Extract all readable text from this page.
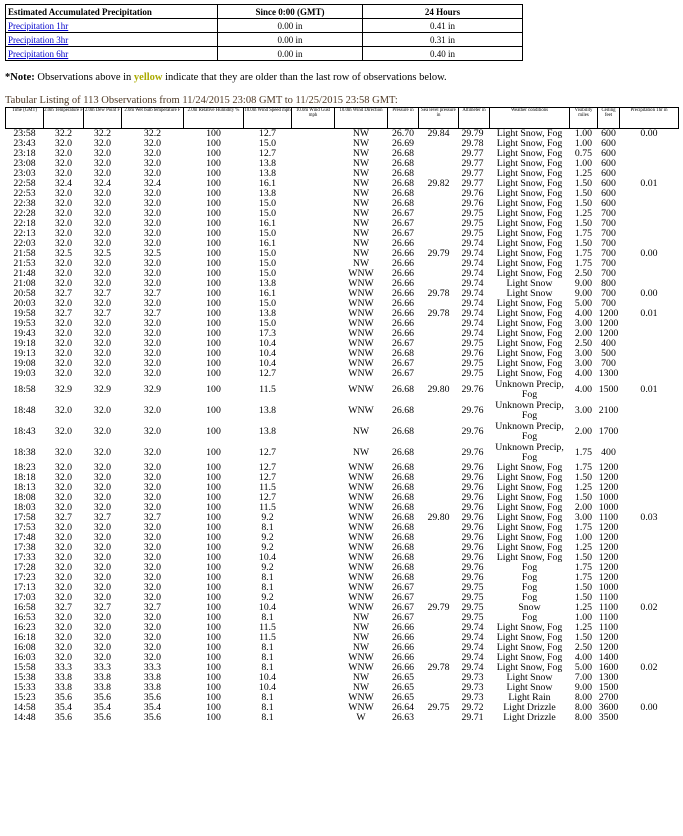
Estimated Accumulated Precipitation	Since 0:00 (GMT)	24 Hours
Precipitation 1hr	0.00 in	0.41 in
Precipitation 3hr	0.00 in	0.31 in
Precipitation 6hr	0.00 in	0.40 in
*Note: Observations above in yellow indicate that they are older than the last row of observations below.
Tabular Listing of 113 Observations from 11/24/2015 23:08 GMT to 11/25/2015 23:58 GMT:
Time (GMT)	2.0m Temperature F	2.0m Dew Point F	2.0m Wet bulb temperature F	2.0m Relative Humidity %	10.0m Wind Speed mph	10.0m Wind Gust mph	10.0m Wind Direction	Pressure in	Sea level pressure in	Altimeter in	Weather conditions	Visibility miles	Ceiling feet	Precipitation 1hr in
23:58	32.2	32.2	32.2	100	12.7		NW	26.70	29.84	29.79	Light Snow, Fog	1.00	600	0.00
23:43	32.0	32.0	32.0	100	15.0		NW	26.69		29.78	Light Snow, Fog	1.00	600	
23:18	32.0	32.0	32.0	100	12.7		NW	26.68		29.77	Light Snow, Fog	0.75	600	
23:08	32.0	32.0	32.0	100	13.8		NW	26.68		29.77	Light Snow, Fog	1.00	600	
23:03	32.0	32.0	32.0	100	13.8		NW	26.68		29.77	Light Snow, Fog	1.25	600	
22:58	32.4	32.4	32.4	100	16.1		NW	26.68	29.82	29.77	Light Snow, Fog	1.50	600	0.01
22:53	32.0	32.0	32.0	100	13.8		NW	26.68		29.76	Light Snow, Fog	1.50	600	
22:38	32.0	32.0	32.0	100	15.0		NW	26.68		29.76	Light Snow, Fog	1.50	600	
22:28	32.0	32.0	32.0	100	15.0		NW	26.67		29.75	Light Snow, Fog	1.25	700	
22:18	32.0	32.0	32.0	100	16.1		NW	26.67		29.75	Light Snow, Fog	1.50	700	
22:13	32.0	32.0	32.0	100	15.0		NW	26.67		29.75	Light Snow, Fog	1.75	700	
22:03	32.0	32.0	32.0	100	16.1		NW	26.66		29.74	Light Snow, Fog	1.50	700	
21:58	32.5	32.5	32.5	100	15.0		NW	26.66	29.79	29.74	Light Snow, Fog	1.75	700	0.00
21:53	32.0	32.0	32.0	100	15.0		NW	26.66		29.74	Light Snow, Fog	1.75	700	
21:48	32.0	32.0	32.0	100	15.0		WNW	26.66		29.74	Light Snow, Fog	2.50	700	
21:08	32.0	32.0	32.0	100	13.8		WNW	26.66		29.74	Light Snow	9.00	800	
20:58	32.7	32.7	32.7	100	16.1		WNW	26.66	29.78	29.74	Light Snow	9.00	700	0.00
20:03	32.0	32.0	32.0	100	15.0		WNW	26.66		29.74	Light Snow, Fog	5.00	700	
19:58	32.7	32.7	32.7	100	13.8		WNW	26.66	29.78	29.74	Light Snow, Fog	4.00	1200	0.01
19:53	32.0	32.0	32.0	100	15.0		WNW	26.66		29.74	Light Snow, Fog	3.00	1200	
19:43	32.0	32.0	32.0	100	17.3		WNW	26.66		29.74	Light Snow, Fog	2.00	1200	
19:18	32.0	32.0	32.0	100	10.4		WNW	26.67		29.75	Light Snow, Fog	2.50	400	
19:13	32.0	32.0	32.0	100	10.4		WNW	26.68		29.76	Light Snow, Fog	3.00	500	
19:08	32.0	32.0	32.0	100	10.4		WNW	26.67		29.75	Light Snow, Fog	3.00	700	
19:03	32.0	32.0	32.0	100	12.7		WNW	26.67		29.75	Light Snow, Fog	4.00	1300	
18:58	32.9	32.9	32.9	100	11.5		WNW	26.68	29.80	29.76	Unknown Precip, Fog	4.00	1500	0.01
18:48	32.0	32.0	32.0	100	13.8		WNW	26.68		29.76	Unknown Precip, Fog	3.00	2100	
18:43	32.0	32.0	32.0	100	13.8		NW	26.68		29.76	Unknown Precip, Fog	2.00	1700	
18:38	32.0	32.0	32.0	100	12.7		NW	26.68		29.76	Unknown Precip, Fog	1.75	400	
18:23	32.0	32.0	32.0	100	12.7		WNW	26.68		29.76	Light Snow, Fog	1.75	1200	
18:18	32.0	32.0	32.0	100	12.7		WNW	26.68		29.76	Light Snow, Fog	1.50	1200	
18:13	32.0	32.0	32.0	100	11.5		WNW	26.68		29.76	Light Snow, Fog	1.25	1200	
18:08	32.0	32.0	32.0	100	12.7		WNW	26.68		29.76	Light Snow, Fog	1.50	1000	
18:03	32.0	32.0	32.0	100	11.5		WNW	26.68		29.76	Light Snow, Fog	2.00	1000	
17:58	32.7	32.7	32.7	100	9.2		WNW	26.68	29.80	29.76	Light Snow, Fog	3.00	1100	0.03
17:53	32.0	32.0	32.0	100	8.1		WNW	26.68		29.76	Light Snow, Fog	1.75	1200	
17:48	32.0	32.0	32.0	100	9.2		WNW	26.68		29.76	Light Snow, Fog	1.00	1200	
17:38	32.0	32.0	32.0	100	9.2		WNW	26.68		29.76	Light Snow, Fog	1.25	1200	
17:33	32.0	32.0	32.0	100	10.4		WNW	26.68		29.76	Light Snow, Fog	1.50	1200	
17:28	32.0	32.0	32.0	100	9.2		WNW	26.68		29.76	Fog	1.75	1200	
17:23	32.0	32.0	32.0	100	8.1		WNW	26.68		29.76	Fog	1.75	1200	
17:13	32.0	32.0	32.0	100	8.1		WNW	26.67		29.75	Fog	1.50	1000	
17:03	32.0	32.0	32.0	100	9.2		WNW	26.67		29.75	Fog	1.50	1100	
16:58	32.7	32.7	32.7	100	10.4		WNW	26.67	29.79	29.75	Snow	1.25	1100	0.02
16:53	32.0	32.0	32.0	100	8.1		NW	26.67		29.75	Fog	1.00	1100	
16:23	32.0	32.0	32.0	100	11.5		NW	26.66		29.74	Light Snow, Fog	1.25	1100	
16:18	32.0	32.0	32.0	100	11.5		NW	26.66		29.74	Light Snow, Fog	1.50	1200	
16:08	32.0	32.0	32.0	100	8.1		NW	26.66		29.74	Light Snow, Fog	2.50	1200	
16:03	32.0	32.0	32.0	100	8.1		WNW	26.66		29.74	Light Snow, Fog	4.00	1400	
15:58	33.3	33.3	33.3	100	8.1		WNW	26.66	29.78	29.74	Light Snow, Fog	5.00	1600	0.02
15:38	33.8	33.8	33.8	100	10.4		NW	26.65		29.73	Light Snow	7.00	1300	
15:33	33.8	33.8	33.8	100	10.4		NW	26.65		29.73	Light Snow	9.00	1500	
15:23	35.6	35.6	35.6	100	8.1		WNW	26.65		29.73	Light Rain	8.00	2700	
14:58	35.4	35.4	35.4	100	8.1		WNW	26.64	29.75	29.72	Light Drizzle	8.00	3600	0.00
14:48	35.6	35.6	35.6	100	8.1		W	26.63		29.71	Light Drizzle	8.00	3500	
